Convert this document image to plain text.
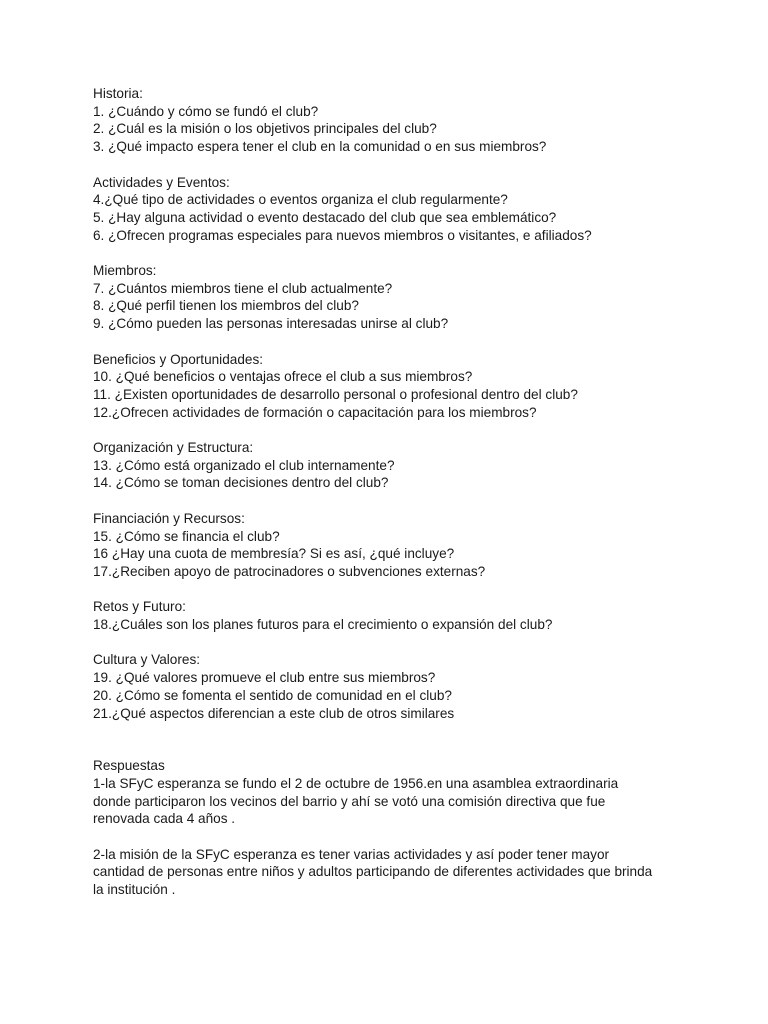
Historia:

1. ¿Cuándo y cómo se fundó el club?

2. ¿Cuál es la misión o los objetivos principales del club?

3. ¿Qué impacto espera tener el club en la comunidad o en sus miembros?

Actividades y Eventos:

4.¿Qué tipo de actividades o eventos organiza el club regularmente?

5. ¿Hay alguna actividad o evento destacado del club que sea emblemático?

6. ¿Ofrecen programas especiales para nuevos miembros o visitantes, e afiliados?

Miembros:

7. ¿Cuántos miembros tiene el club actualmente?

8. ¿Qué perfil tienen los miembros del club?

9. ¿Cómo pueden las personas interesadas unirse al club?

Beneficios y Oportunidades:

10. ¿Qué beneficios o ventajas ofrece el club a sus miembros?

11. ¿Existen oportunidades de desarrollo personal o profesional dentro del club?

12.¿Ofrecen actividades de formación o capacitación para los miembros?

Organización y Estructura:

13. ¿Cómo está organizado el club internamente?

14. ¿Cómo se toman decisiones dentro del club?

Financiación y Recursos:

15. ¿Cómo se financia el club?

16 ¿Hay una cuota de membresía? Si es así, ¿qué incluye?

17.¿Reciben apoyo de patrocinadores o subvenciones externas?

Retos y Futuro:

18.¿Cuáles son los planes futuros para el crecimiento o expansión del club?

Cultura y Valores:

19. ¿Qué valores promueve el club entre sus miembros?

20. ¿Cómo se fomenta el sentido de comunidad en el club?

21.¿Qué aspectos diferencian a este club de otros similares

Respuestas

1-la SFyC esperanza se fundo el 2 de octubre de 1956.en una asamblea extraordinaria donde participaron los vecinos del barrio y ahí se votó una comisión directiva que fue renovada cada 4 años .

2-la misión de la SFyC esperanza es tener varias actividades y así poder tener mayor cantidad de personas entre niños y adultos participando de diferentes actividades que brinda la institución .
